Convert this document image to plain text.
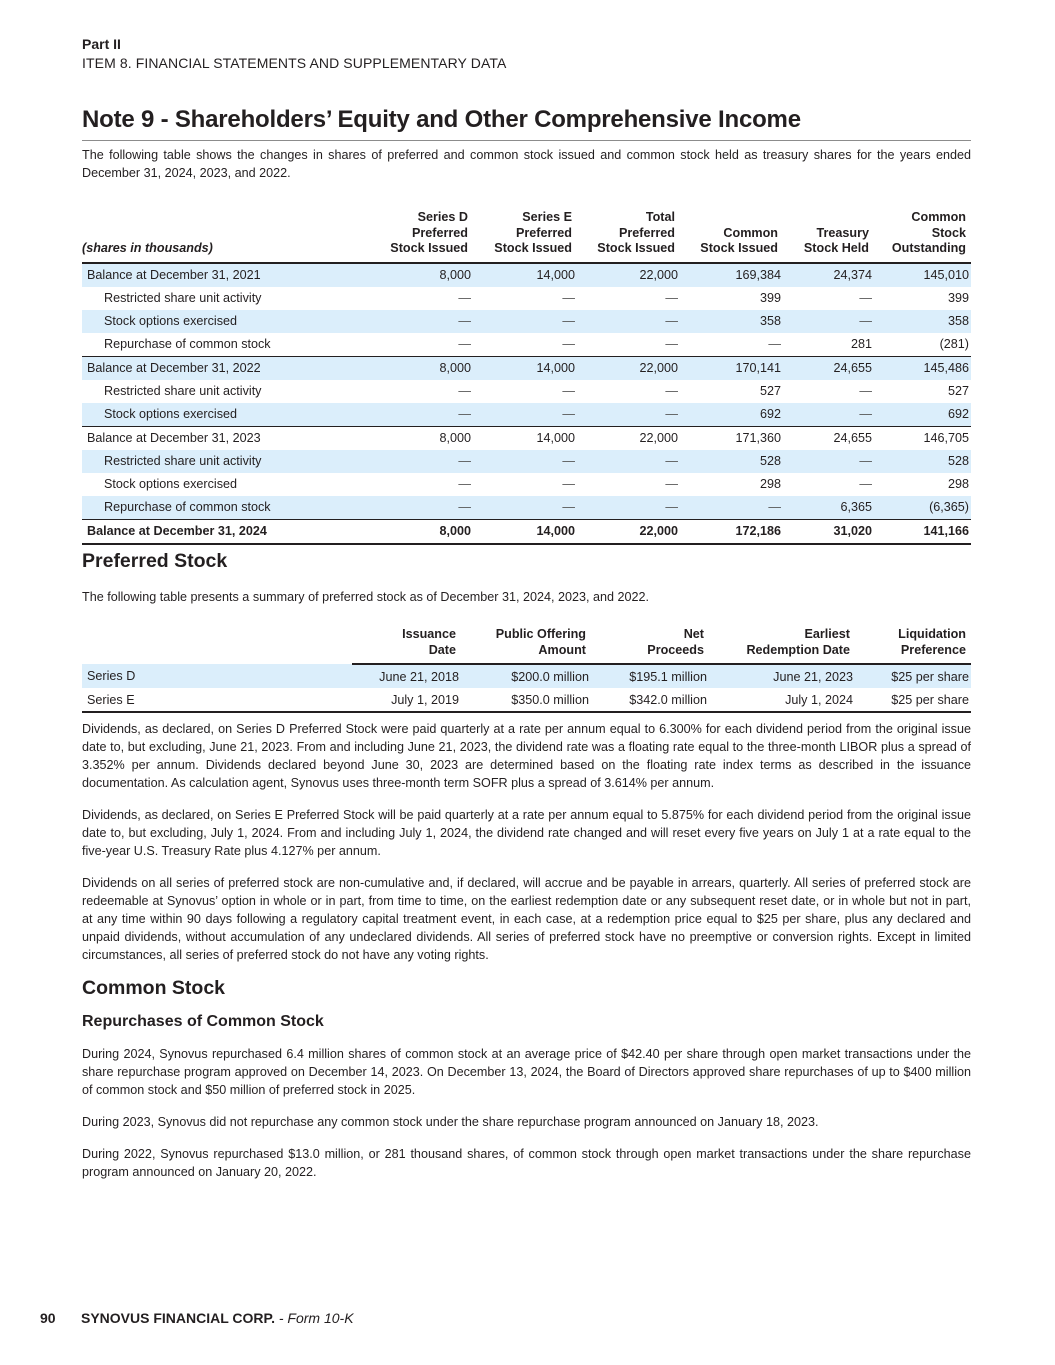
Part II
ITEM 8. FINANCIAL STATEMENTS AND SUPPLEMENTARY DATA
Note 9 - Shareholders’ Equity and Other Comprehensive Income

The following table shows the changes in shares of preferred and common stock issued and common stock held as treasury shares for the years ended December 31, 2024, 2023, and 2022.

(shares in thousands)	Series D
Preferred
Stock Issued	Series E
Preferred
Stock Issued	Total
Preferred
Stock Issued	Common
Stock Issued	Treasury
Stock Held	Common
Stock
Outstanding
Balance at December 31, 2021	8,000	14,000	22,000	169,384	24,374	145,010
Restricted share unit activity	—	—	—	399	—	399
Stock options exercised	—	—	—	358	—	358
Repurchase of common stock	—	—	—	—	281	(281)
Balance at December 31, 2022	8,000	14,000	22,000	170,141	24,655	145,486
Restricted share unit activity	—	—	—	527	—	527
Stock options exercised	—	—	—	692	—	692
Balance at December 31, 2023	8,000	14,000	22,000	171,360	24,655	146,705
Restricted share unit activity	—	—	—	528	—	528
Stock options exercised	—	—	—	298	—	298
Repurchase of common stock	—	—	—	—	6,365	(6,365)
Balance at December 31, 2024	8,000	14,000	22,000	172,186	31,020	141,166
Preferred Stock

The following table presents a summary of preferred stock as of December 31, 2024, 2023, and 2022.

	Issuance
Date	Public Offering
Amount	Net
Proceeds	Earliest
Redemption Date	Liquidation
Preference
Series D	June 21, 2018	$200.0 million	$195.1 million	June 21, 2023	$25 per share
Series E	July 1, 2019	$350.0 million	$342.0 million	July 1, 2024	$25 per share

Dividends, as declared, on Series D Preferred Stock were paid quarterly at a rate per annum equal to 6.300% for each dividend period from the original issue date to, but excluding, June 21, 2023. From and including June 21, 2023, the dividend rate was a floating rate equal to the three-month LIBOR plus a spread of 3.352% per annum. Dividends declared beyond June 30, 2023 are determined based on the floating rate index terms as described in the issuance documentation. As calculation agent, Synovus uses three-month term SOFR plus a spread of 3.614% per annum.

Dividends, as declared, on Series E Preferred Stock will be paid quarterly at a rate per annum equal to 5.875% for each dividend period from the original issue date to, but excluding, July 1, 2024. From and including July 1, 2024, the dividend rate changed and will reset every five years on July 1 at a rate equal to the five-year U.S. Treasury Rate plus 4.127% per annum.

Dividends on all series of preferred stock are non-cumulative and, if declared, will accrue and be payable in arrears, quarterly. All series of preferred stock are redeemable at Synovus’ option in whole or in part, from time to time, on the earliest redemption date or any subsequent reset date, or in whole but not in part, at any time within 90 days following a regulatory capital treatment event, in each case, at a redemption price equal to $25 per share, plus any declared and unpaid dividends, without accumulation of any undeclared dividends. All series of preferred stock have no preemptive or conversion rights. Except in limited circumstances, all series of preferred stock do not have any voting rights.

Common Stock
Repurchases of Common Stock

During 2024, Synovus repurchased 6.4 million shares of common stock at an average price of $42.40 per share through open market transactions under the share repurchase program approved on December 14, 2023. On December 13, 2024, the Board of Directors approved share repurchases of up to $400 million of common stock and $50 million of preferred stock in 2025.

During 2023, Synovus did not repurchase any common stock under the share repurchase program announced on January 18, 2023.

During 2022, Synovus repurchased $13.0 million, or 281 thousand shares, of common stock through open market transactions under the share repurchase program announced on January 20, 2022.

90 SYNOVUS FINANCIAL CORP. - Form 10-K
